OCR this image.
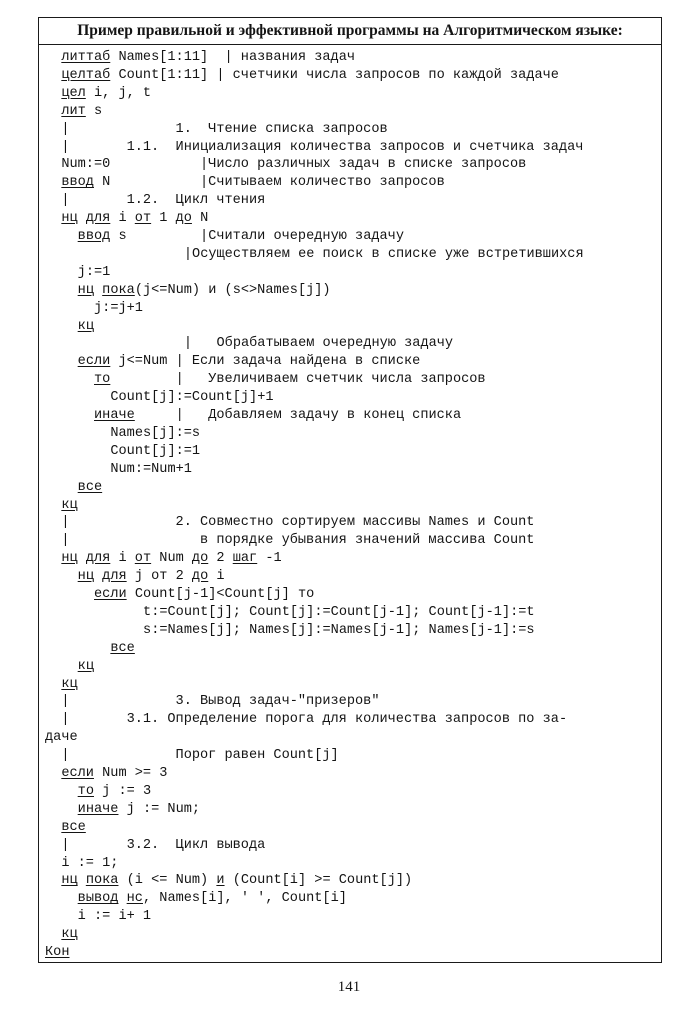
Пример правильной и эффективной программы на Алгоритмическом языке:
литтаб Names[1:11]  | названия задач
целтаб Count[1:11] | счетчики числа запросов по каждой задаче
цел i, j, t
лит s
|             1.  Чтение списка запросов
|       1.1.  Инициализация количества запросов и счетчика задач
Num:=0           |Число различных задач в списке запросов
ввод N           |Считываем количество запросов
|       1.2.  Цикл чтения
нц для i от 1 до N
ввод s         |Считали очередную задачу
|Осуществляем ее поиск в списке уже встретившихся
j:=1
нц пока(j<=Num) и (s<>Names[j])
j:=j+1
кц
|   Обрабатываем очередную задачу
если j<=Num | Если задача найдена в списке
то        |   Увеличиваем счетчик числа запросов
Count[j]:=Count[j]+1
иначе     |   Добавляем задачу в конец списка
Names[j]:=s
Count[j]:=1
Num:=Num+1
все
кц
|             2. Совместно сортируем массивы Names и Count
|                в порядке убывания значений массива Count
нц для i от Num до 2 шаг -1
нц для j от 2 до i
если Count[j-1]<Count[j] то
t:=Count[j]; Count[j]:=Count[j-1]; Count[j-1]:=t
s:=Names[j]; Names[j]:=Names[j-1]; Names[j-1]:=s
все
кц
кц
|             3. Вывод задач-"призеров"
|       3.1. Определение порога для количества запросов по за-
даче
|             Порог равен Count[j]
если Num >= 3
то j := 3
иначе j := Num;
все
|       3.2.  Цикл вывода
i := 1;
нц пока (i <= Num) и (Count[i] >= Count[j])
вывод нс, Names[i], ' ', Count[i]
i := i+ 1
кц
Кон
141
